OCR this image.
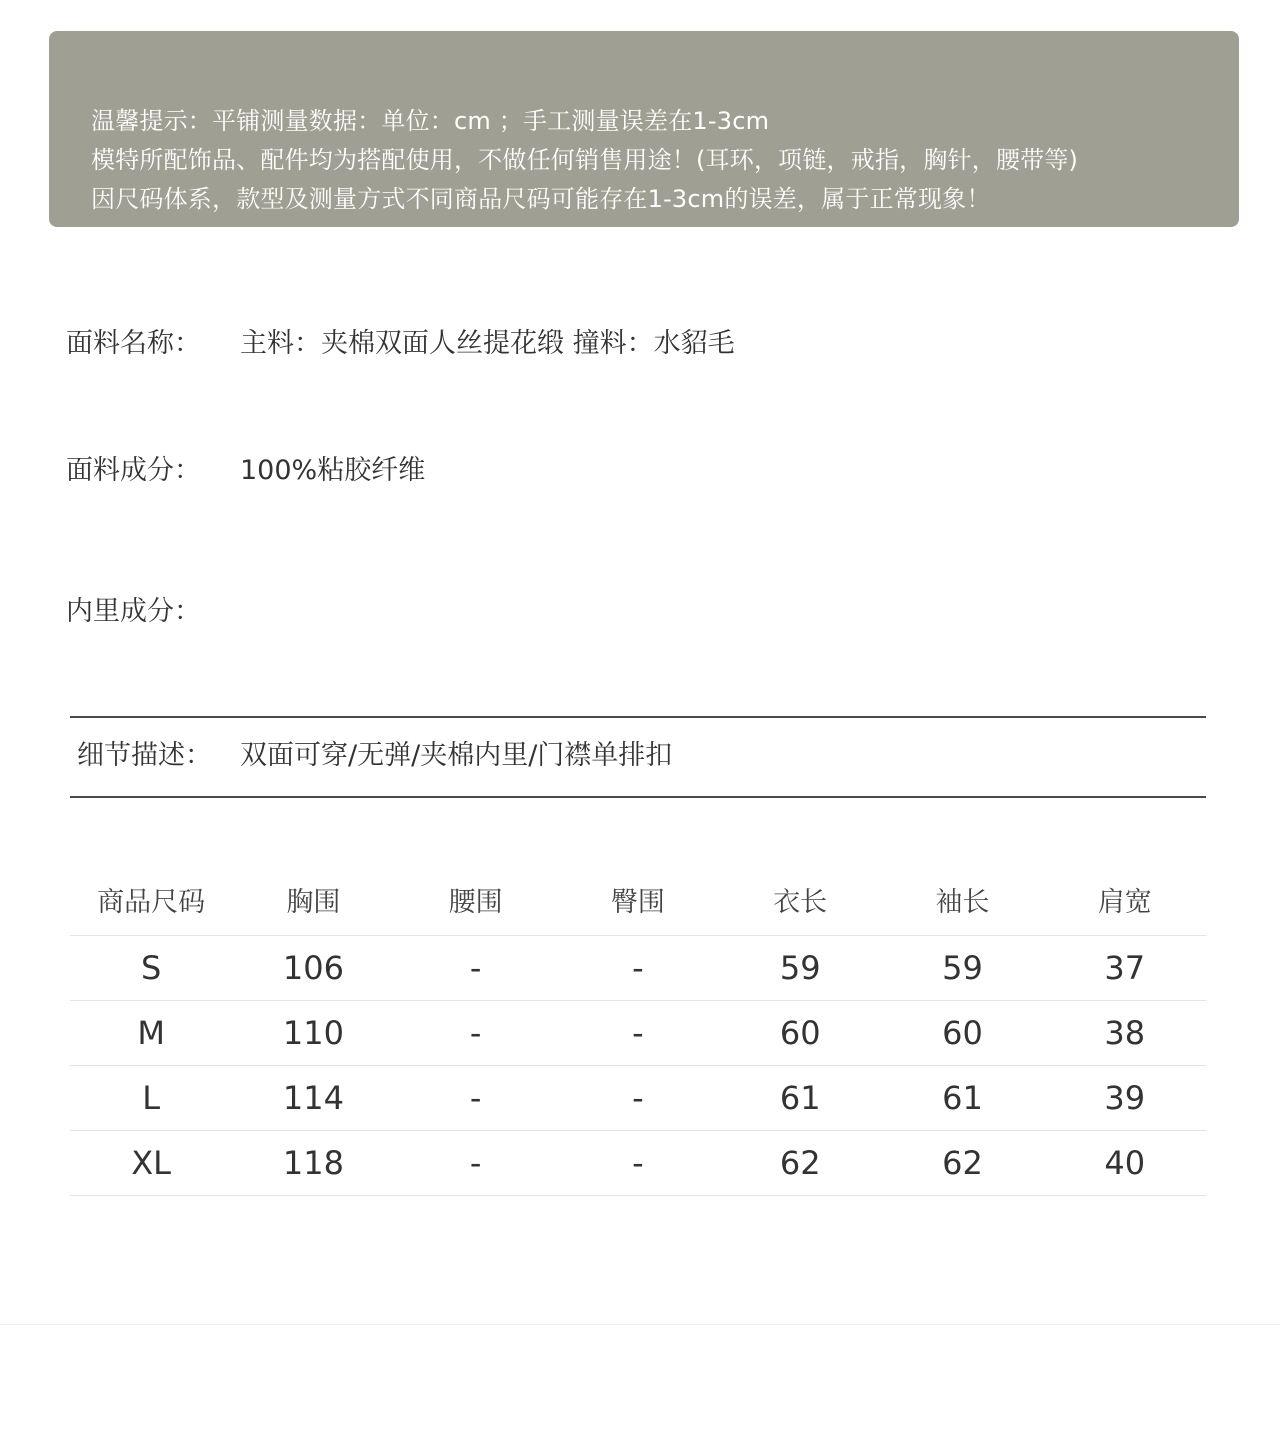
温馨提示：平铺测量数据：单位：cm ；手工测量误差在1-3cm
模特所配饰品、配件均为搭配使用，不做任何销售用途！(耳环，项链，戒指，胸针，腰带等)
因尺码体系，款型及测量方式不同商品尺码可能存在1-3cm的误差，属于正常现象！
面料名称： 主料：夹棉双面人丝提花缎 撞料：水貂毛
面料成分： 100%粘胶纤维
内里成分：
细节描述： 双面可穿/无弹/夹棉内里/门襟单排扣
商品尺码	胸围	腰围	臀围	衣长	袖长	肩宽
S	106	-	-	59	59	37
M	110	-	-	60	60	38
L	114	-	-	61	61	39
XL	118	-	-	62	62	40
